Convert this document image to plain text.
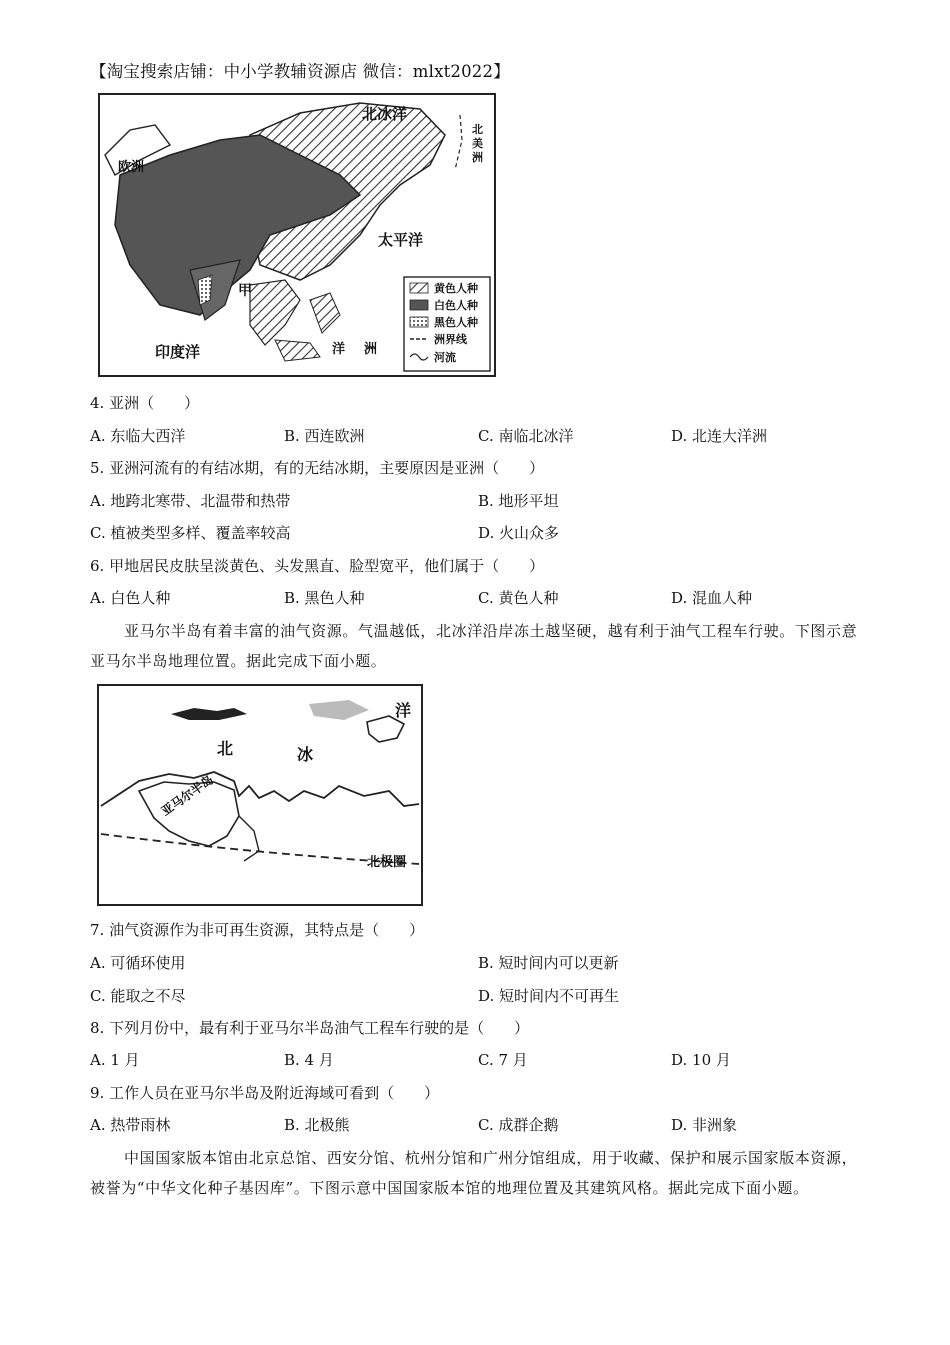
【淘宝搜索店铺：中小学教辅资源店 微信：mlxt2022】
北冰洋
北
美
洲
欧洲
太平洋
印度洋
甲
洋 洲
黄色人种
白色人种
黑色人种
洲界线
河流
4. 亚洲（　　）
A. 东临大西洋	B. 西连欧洲	C. 南临北冰洋	D. 北连大洋洲
5. 亚洲河流有的有结冰期，有的无结冰期，主要原因是亚洲（　　）
A. 地跨北寒带、北温带和热带	B. 地形平坦
C. 植被类型多样、覆盖率较高	D. 火山众多
6. 甲地居民皮肤呈淡黄色、头发黑直、脸型宽平，他们属于（　　）
A. 白色人种	B. 黑色人种	C. 黄色人种	D. 混血人种
亚马尔半岛有着丰富的油气资源。气温越低，北冰洋沿岸冻土越坚硬，越有利于油气工程车行驶。下图示意亚马尔半岛地理位置。据此完成下面小题。
北	冰
洋
亚马尔半岛
北极圈
7. 油气资源作为非可再生资源，其特点是（　　）
A. 可循环使用	B. 短时间内可以更新
C. 能取之不尽	D. 短时间内不可再生
8. 下列月份中，最有利于亚马尔半岛油气工程车行驶的是（　　）
A. 1 月	B. 4 月	C. 7 月	D. 10 月
9. 工作人员在亚马尔半岛及附近海域可看到（　　）
A. 热带雨林	B. 北极熊	C. 成群企鹅	D. 非洲象
中国国家版本馆由北京总馆、西安分馆、杭州分馆和广州分馆组成，用于收藏、保护和展示国家版本资源，被誉为“中华文化种子基因库”。下图示意中国国家版本馆的地理位置及其建筑风格。据此完成下面小题。
